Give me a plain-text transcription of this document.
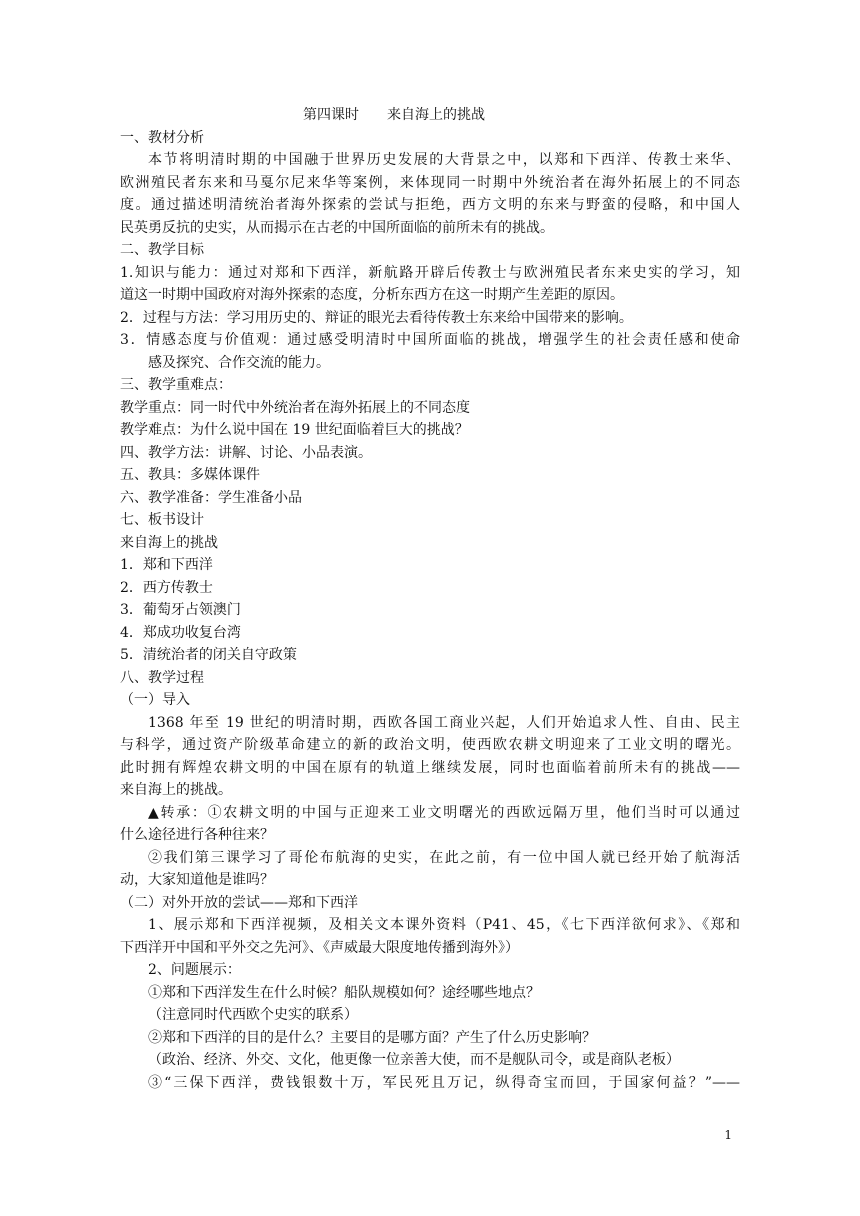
第四课时 来自海上的挑战
一、教材分析
本节将明清时期的中国融于世界历史发展的大背景之中，以郑和下西洋、传教士来华、
欧洲殖民者东来和马戛尔尼来华等案例，来体现同一时期中外统治者在海外拓展上的不同态
度。通过描述明清统治者海外探索的尝试与拒绝，西方文明的东来与野蛮的侵略，和中国人
民英勇反抗的史实，从而揭示在古老的中国所面临的前所未有的挑战。
二、教学目标
1.知识与能力：通过对郑和下西洋，新航路开辟后传教士与欧洲殖民者东来史实的学习，知
道这一时期中国政府对海外探索的态度，分析东西方在这一时期产生差距的原因。
2．过程与方法：学习用历史的、辩证的眼光去看待传教士东来给中国带来的影响。
3．情感态度与价值观：通过感受明清时中国所面临的挑战，增强学生的社会责任感和使命
感及探究、合作交流的能力。
三、教学重难点：
教学重点：同一时代中外统治者在海外拓展上的不同态度
教学难点：为什么说中国在 19 世纪面临着巨大的挑战？
四、教学方法：讲解、讨论、小品表演。
五、教具：多媒体课件
六、教学准备：学生准备小品
七、板书设计
来自海上的挑战
1．郑和下西洋
2．西方传教士
3．葡萄牙占领澳门
4．郑成功收复台湾
5．清统治者的闭关自守政策
八、教学过程
（一）导入
1368 年至 19 世纪的明清时期，西欧各国工商业兴起，人们开始追求人性、自由、民主
与科学，通过资产阶级革命建立的新的政治文明，使西欧农耕文明迎来了工业文明的曙光。
此时拥有辉煌农耕文明的中国在原有的轨道上继续发展，同时也面临着前所未有的挑战——
来自海上的挑战。
▲转承：①农耕文明的中国与正迎来工业文明曙光的西欧远隔万里，他们当时可以通过
什么途径进行各种往来？
②我们第三课学习了哥伦布航海的史实，在此之前，有一位中国人就已经开始了航海活
动，大家知道他是谁吗？
（二）对外开放的尝试——郑和下西洋
1、展示郑和下西洋视频，及相关文本课外资料（P41、45，《七下西洋欲何求》、《郑和
下西洋开中国和平外交之先河》、《声威最大限度地传播到海外》）
2、问题展示：
①郑和下西洋发生在什么时候？船队规模如何？途经哪些地点？
（注意同时代西欧个史实的联系）
②郑和下西洋的目的是什么？主要目的是哪方面？产生了什么历史影响？
（政治、经济、外交、文化，他更像一位亲善大使，而不是舰队司令，或是商队老板）
③“三保下西洋，费钱银数十万，军民死且万记，纵得奇宝而回，于国家何益？”——
1
